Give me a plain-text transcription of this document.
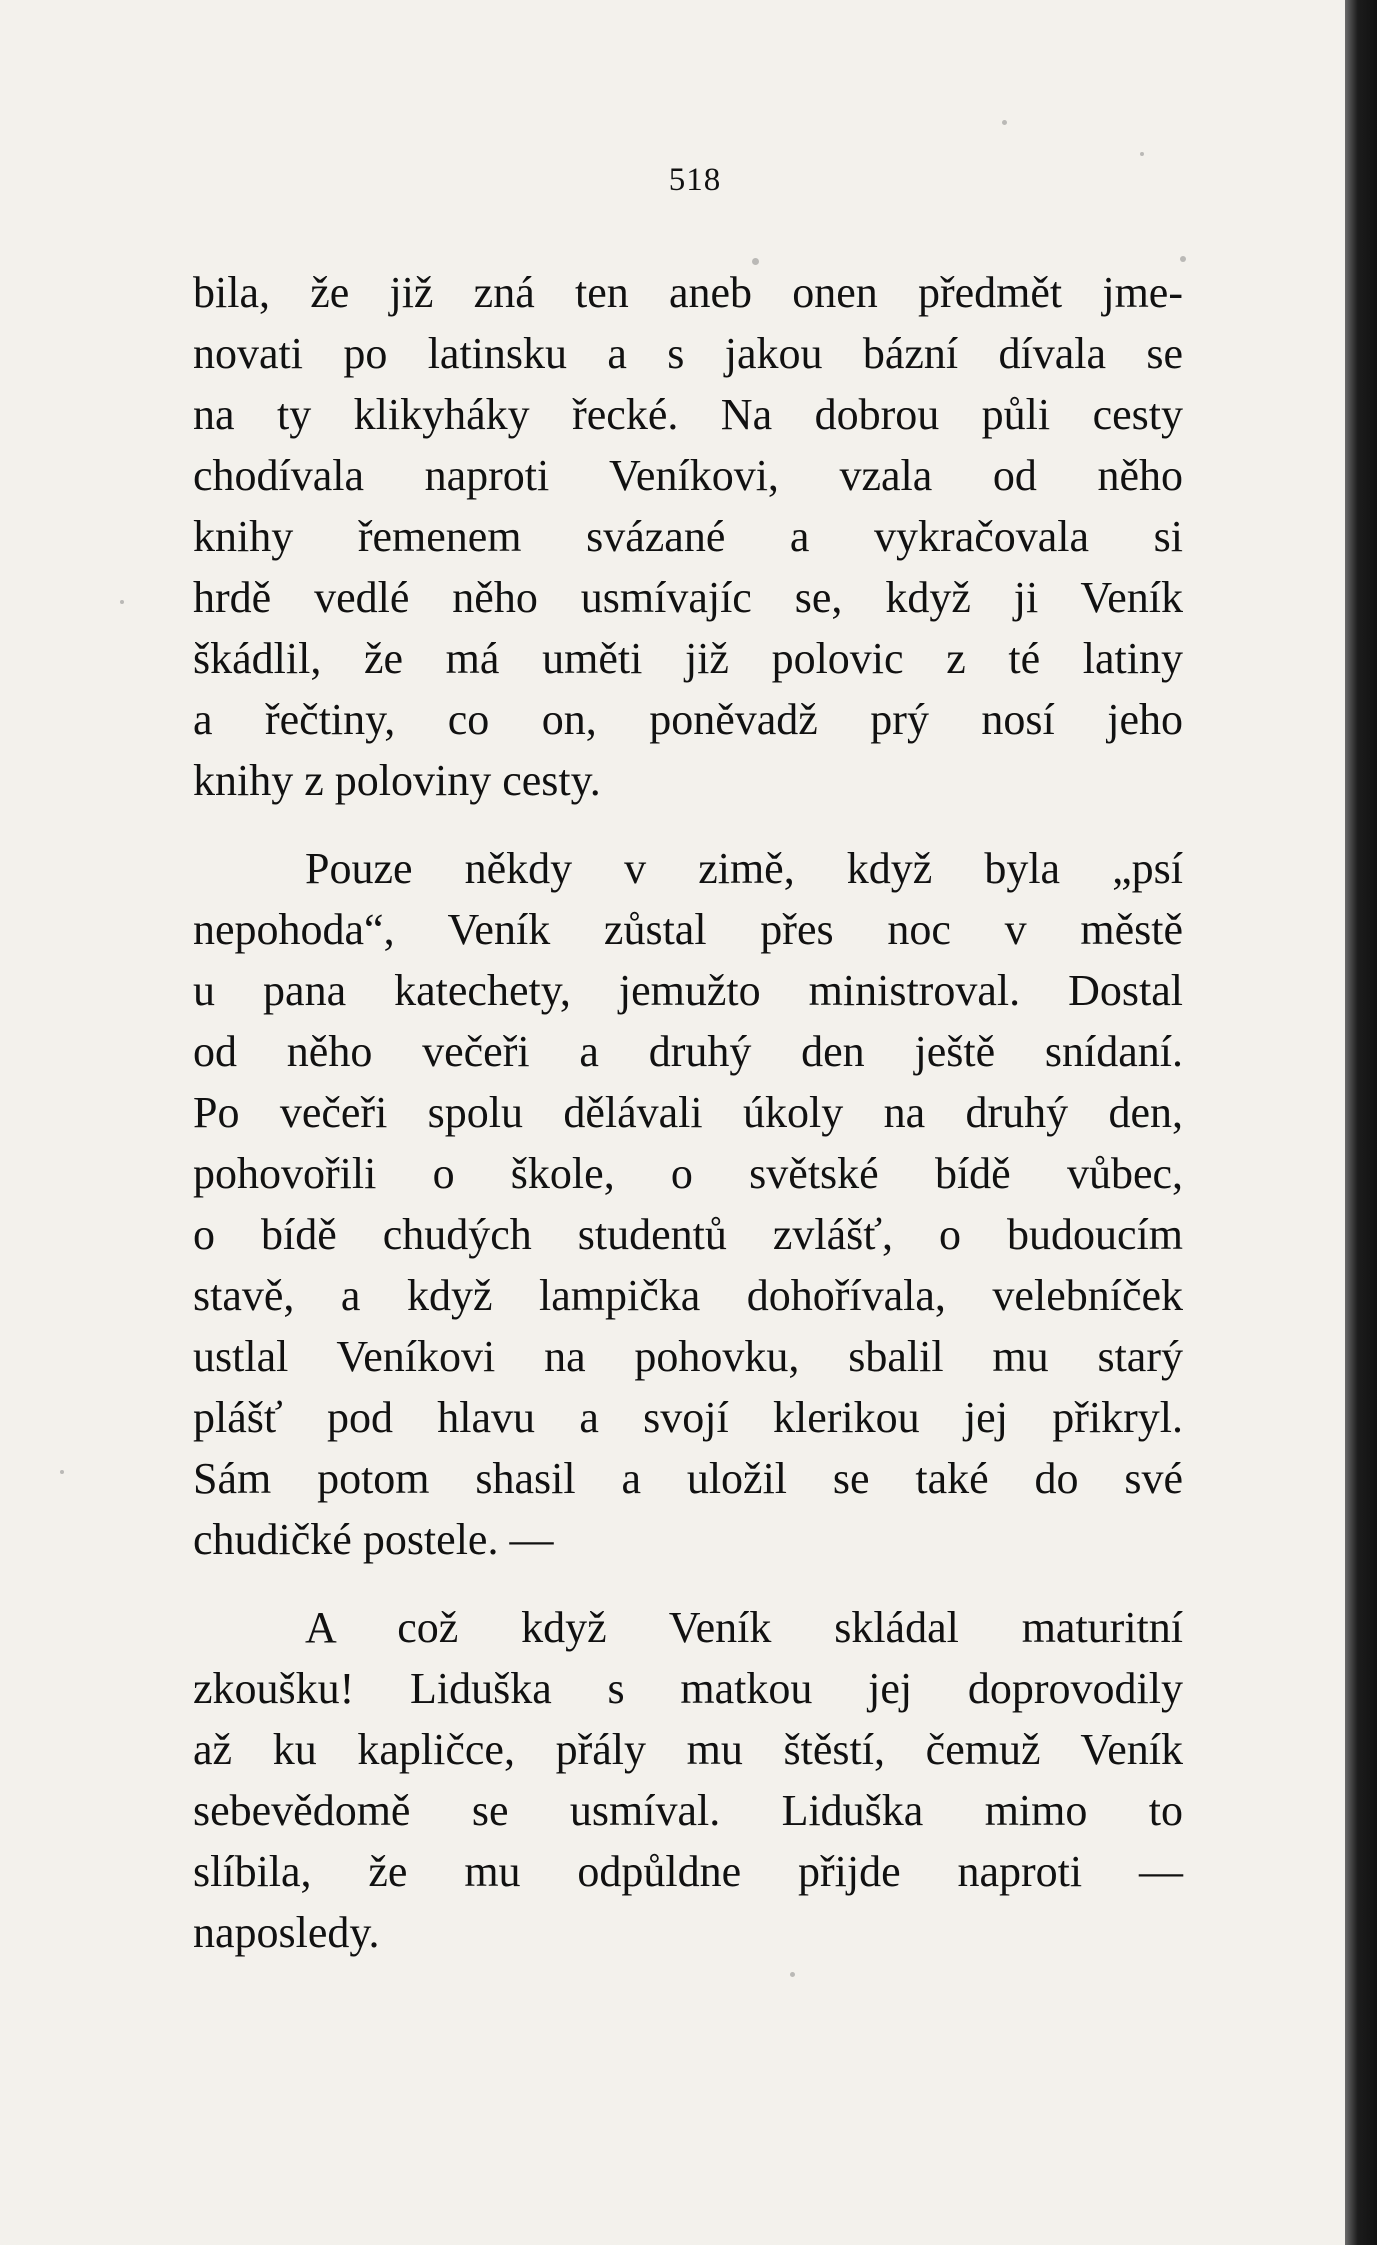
518
bila, že již zná ten aneb onen předmět jme-
novati po latinsku a s jakou bázní dívala se
na ty klikyháky řecké. Na dobrou půli cesty
chodívala naproti Veníkovi, vzala od něho
knihy řemenem svázané a vykračovala si
hrdě vedlé něho usmívajíc se, když ji Veník
škádlil, že má uměti již polovic z té latiny
a řečtiny, co on, poněvadž prý nosí jeho
knihy z poloviny cesty.
Pouze někdy v zimě, když byla „psí
nepohoda“, Veník zůstal přes noc v městě
u pana katechety, jemužto ministroval. Dostal
od něho večeři a druhý den ještě snídaní.
Po večeři spolu dělávali úkoly na druhý den,
pohovořili o škole, o světské bídě vůbec,
o bídě chudých studentů zvlášť, o budoucím
stavě, a když lampička dohořívala, velebníček
ustlal Veníkovi na pohovku, sbalil mu starý
plášť pod hlavu a svojí klerikou jej přikryl.
Sám potom shasil a uložil se také do své
chudičké postele. —
A což když Veník skládal maturitní
zkoušku! Liduška s matkou jej doprovodily
až ku kapličce, přály mu štěstí, čemuž Veník
sebevědomě se usmíval. Liduška mimo to
slíbila, že mu odpůldne přijde naproti —
naposledy.
